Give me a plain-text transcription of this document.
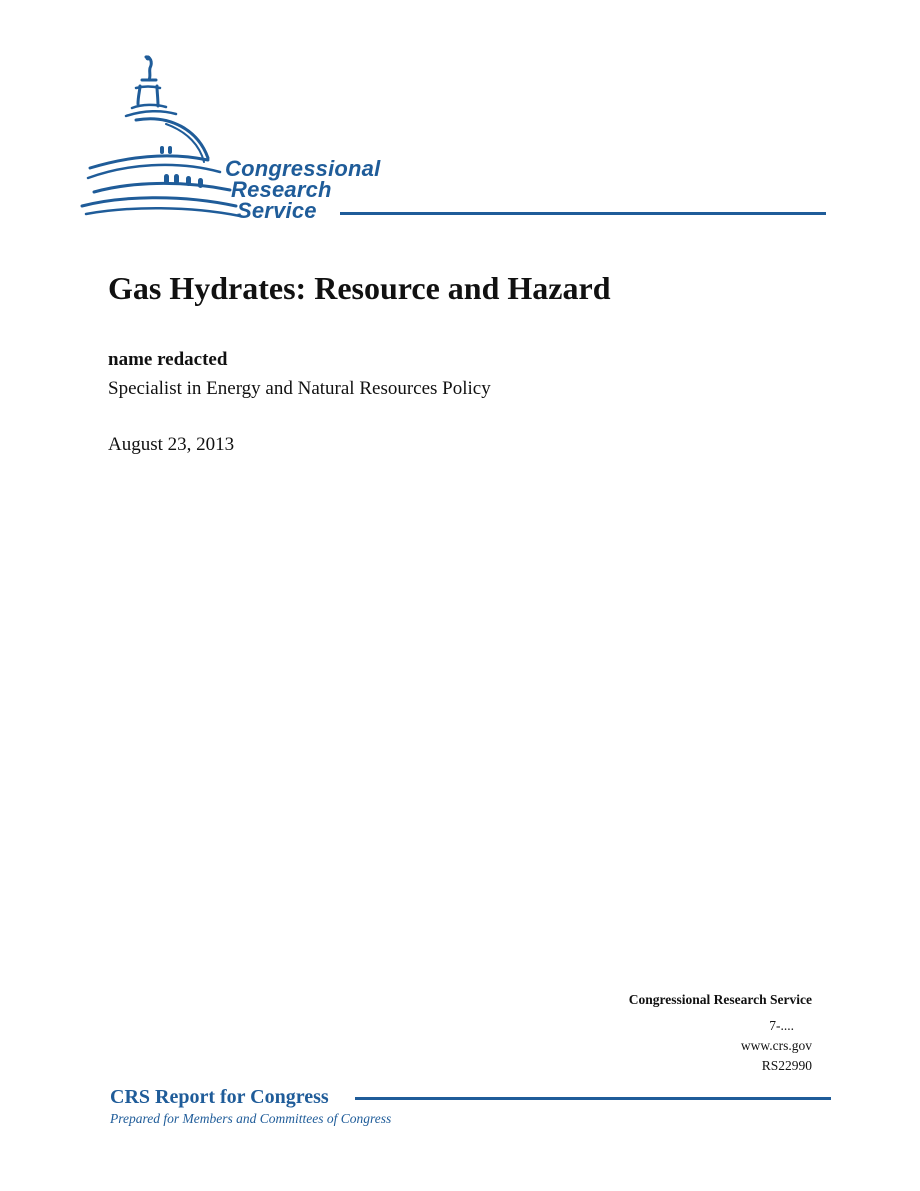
Congressional
Research
Service
Gas Hydrates: Resource and Hazard
name redacted
Specialist in Energy and Natural Resources Policy
August 23, 2013
Congressional Research Service
7-....
www.crs.gov
RS22990
CRS Report for Congress
Prepared for Members and Committees of Congress
